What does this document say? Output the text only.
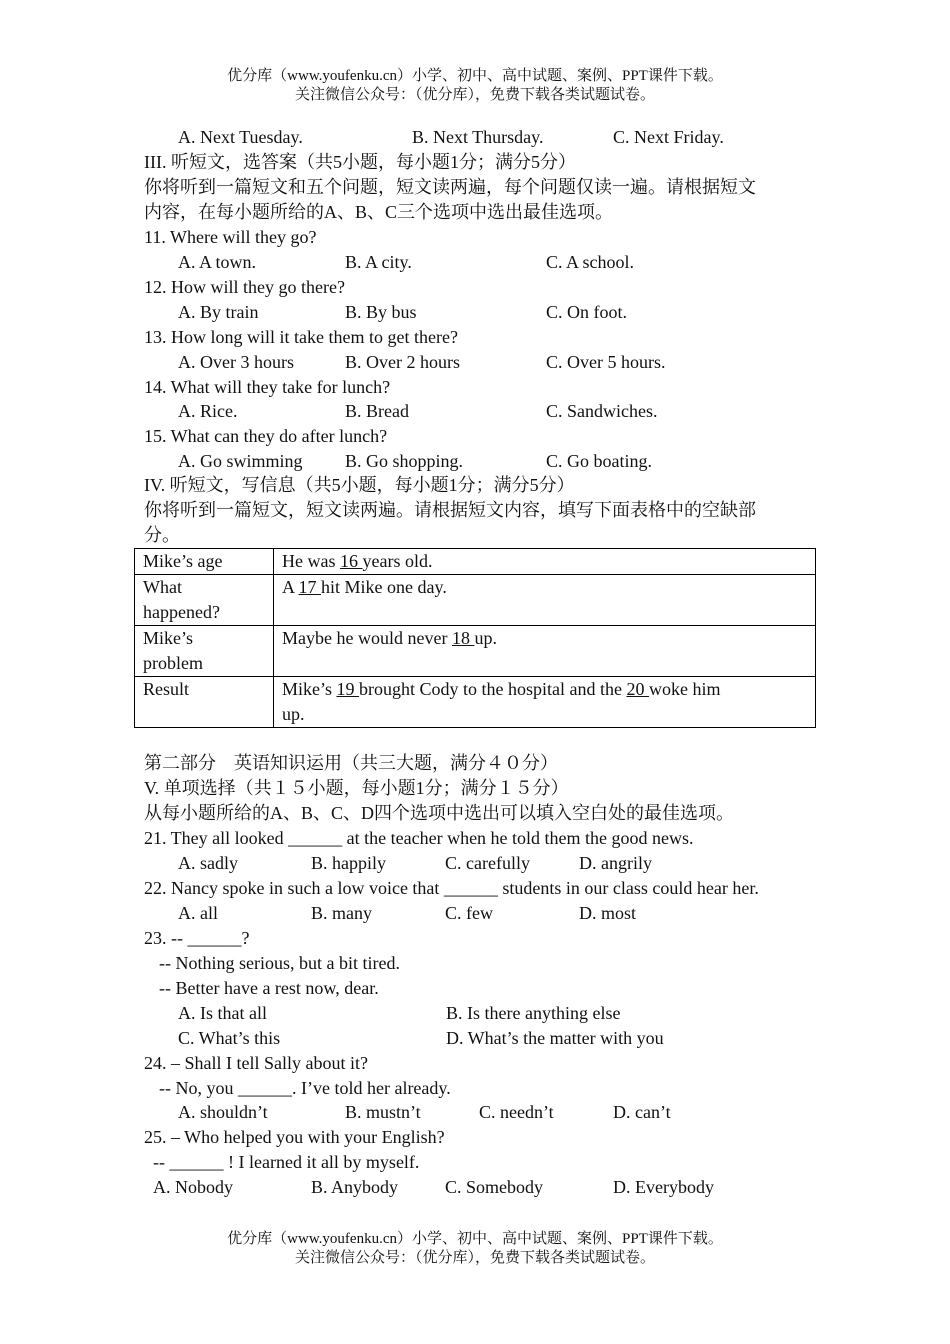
优分库（www.youfenku.cn）小学、初中、高中试题、案例、PPT课件下载。
关注微信公众号：（优分库），免费下载各类试题试卷。
A. Next Tuesday.	B. Next Thursday.	C. Next Friday.
III. 听短文，选答案（共5小题，每小题1分；满分5分）
你将听到一篇短文和五个问题，短文读两遍，每个问题仅读一遍。请根据短文
内容，在每小题所给的A、B、C三个选项中选出最佳选项。
11. Where will they go?
A. A town.	B. A city.	C. A school.
12. How will they go there?
A. By train	B. By bus	C. On foot.
13. How long will it take them to get there?
A. Over 3 hours	B. Over 2 hours	C. Over 5 hours.
14. What will they take for lunch?
A. Rice.	B. Bread	C. Sandwiches.
15. What can they do after lunch?
A. Go swimming B. Go shopping.	C. Go boating.
IV. 听短文，写信息（共5小题，每小题1分；满分5分）
你将听到一篇短文，短文读两遍。请根据短文内容，填写下面表格中的空缺部
分。
Mike’s age	He was 16 years old.
What
happened?	A 17 hit Mike one day.
Mike’s
problem	Maybe he would never 18 up.
Result	Mike’s 19 brought Cody to the hospital and the 20 woke him
up.
第二部分　英语知识运用（共三大题，满分４０分）
V. 单项选择（共１５小题，每小题1分；满分１５分）
从每小题所给的A、B、C、D四个选项中选出可以填入空白处的最佳选项。
21. They all looked ______ at the teacher when he told them the good news.
A. sadly	B. happily	C. carefully	D. angrily
22. Nancy spoke in such a low voice that ______ students in our class could hear her.
A. all	B. many	C. few	D. most
23. -- ______?
-- Nothing serious, but a bit tired.
-- Better have a rest now, dear.
A. Is that all	B. Is there anything else
C. What’s this	D. What’s the matter with you
24. – Shall I tell Sally about it?
-- No, you ______. I’ve told her already.
A. shouldn’t	B. mustn’t	C. needn’t	D. can’t
25. – Who helped you with your English?
-- ______ ! I learned it all by myself.
A. Nobody	B. Anybody	C. Somebody	D. Everybody
优分库（www.youfenku.cn）小学、初中、高中试题、案例、PPT课件下载。
关注微信公众号：（优分库），免费下载各类试题试卷。
